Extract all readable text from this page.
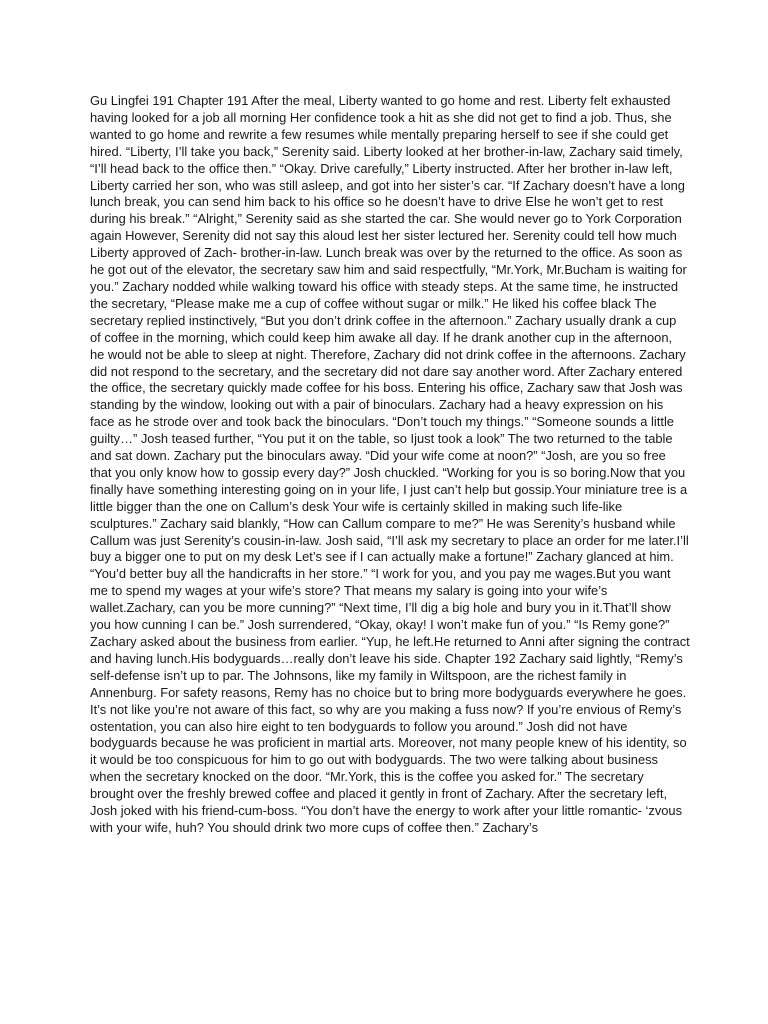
Gu Lingfei 191 Chapter 191 After the meal, Liberty wanted to go home and rest. Liberty felt exhausted having looked for a job all morning Her confidence took a hit as she did not get to find a job. Thus, she wanted to go home and rewrite a few resumes while mentally preparing herself to see if she could get hired. “Liberty, I’ll take you back,” Serenity said. Liberty looked at her brother-in-law, Zachary said timely, “I’ll head back to the office then.” “Okay. Drive carefully,” Liberty instructed. After her brother in-law left, Liberty carried her son, who was still asleep, and got into her sister’s car. “If Zachary doesn’t have a long lunch break, you can send him back to his office so he doesn’t have to drive Else he won’t get to rest during his break.” “Alright,” Serenity said as she started the car. She would never go to York Corporation again However, Serenity did not say this aloud lest her sister lectured her. Serenity could tell how much Liberty approved of Zach- brother-in-law. Lunch break was over by the returned to the office. As soon as he got out of the elevator, the secretary saw him and said respectfully, “Mr.York, Mr.Bucham is waiting for you.” Zachary nodded while walking toward his office with steady steps. At the same time, he instructed the secretary, “Please make me a cup of coffee without sugar or milk.” He liked his coffee black The secretary replied instinctively, “But you don’t drink coffee in the afternoon.” Zachary usually drank a cup of coffee in the morning, which could keep him awake all day. If he drank another cup in the afternoon, he would not be able to sleep at night. Therefore, Zachary did not drink coffee in the afternoons. Zachary did not respond to the secretary, and the secretary did not dare say another word. After Zachary entered the office, the secretary quickly made coffee for his boss. Entering his office, Zachary saw that Josh was standing by the window, looking out with a pair of binoculars. Zachary had a heavy expression on his face as he strode over and took back the binoculars. “Don’t touch my things.” “Someone sounds a little guilty…” Josh teased further, “You put it on the table, so Ijust took a look” The two returned to the table and sat down. Zachary put the binoculars away. “Did your wife come at noon?” “Josh, are you so free that you only know how to gossip every day?” Josh chuckled. “Working for you is so boring.Now that you finally have something interesting going on in your life, I just can’t help but gossip.Your miniature tree is a little bigger than the one on Callum’s desk Your wife is certainly skilled in making such life-like sculptures.” Zachary said blankly, “How can Callum compare to me?” He was Serenity’s husband while Callum was just Serenity’s cousin-in-law. Josh said, “I’ll ask my secretary to place an order for me later.I’ll buy a bigger one to put on my desk Let’s see if I can actually make a fortune!” Zachary glanced at him. “You’d better buy all the handicrafts in her store.” “I work for you, and you pay me wages.But you want me to spend my wages at your wife’s store? That means my salary is going into your wife’s wallet.Zachary, can you be more cunning?” “Next time, I’ll dig a big hole and bury you in it.That’ll show you how cunning I can be.” Josh surrendered, “Okay, okay! I won’t make fun of you.” “Is Remy gone?” Zachary asked about the business from earlier. “Yup, he left.He returned to Anni after signing the contract and having lunch.His bodyguards…really don’t leave his side. Chapter 192 Zachary said lightly, “Remy’s self-defense isn’t up to par. The Johnsons, like my family in Wiltspoon, are the richest family in Annenburg. For safety reasons, Remy has no choice but to bring more bodyguards everywhere he goes. It’s not like you’re not aware of this fact, so why are you making a fuss now? If you’re envious of Remy’s ostentation, you can also hire eight to ten bodyguards to follow you around.” Josh did not have bodyguards because he was proficient in martial arts. Moreover, not many people knew of his identity, so it would be too conspicuous for him to go out with bodyguards. The two were talking about business when the secretary knocked on the door. “Mr.York, this is the coffee you asked for.” The secretary brought over the freshly brewed coffee and placed it gently in front of Zachary. After the secretary left, Josh joked with his friend-cum-boss. “You don’t have the energy to work after your little romantic- ‘zvous with your wife, huh? You should drink two more cups of coffee then.” Zachary’s
